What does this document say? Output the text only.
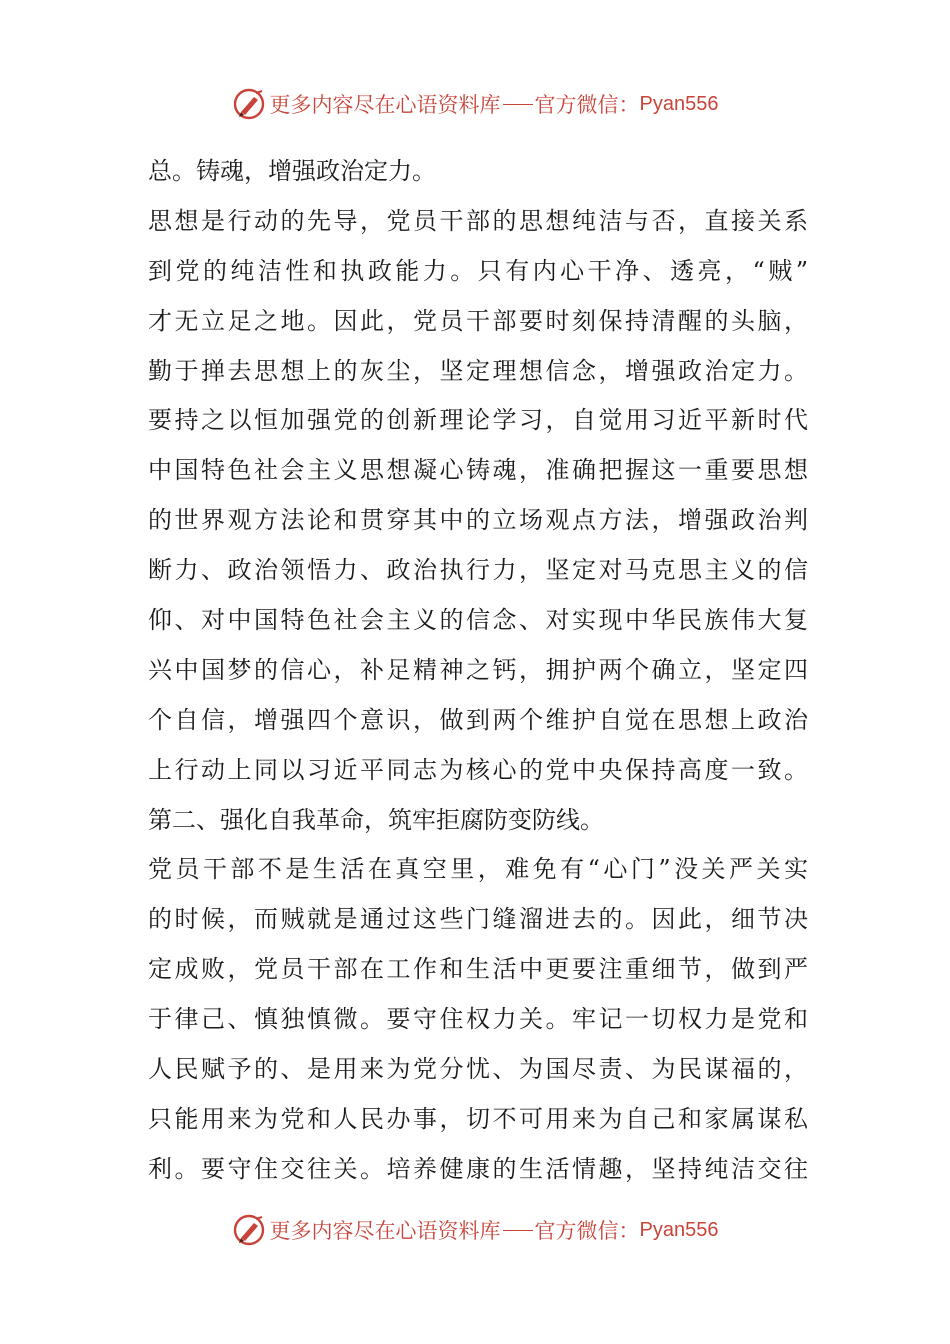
更多内容尽在心语资料库 官方微信： Pyan556
总。铸魂，增强政治定力。
思想是行动的先导，党员干部的思想纯洁与否，直接关系
到党的纯洁性和执政能力。只有内心干净、透亮，“贼”
才无立足之地。因此，党员干部要时刻保持清醒的头脑，
勤于掸去思想上的灰尘，坚定理想信念，增强政治定力。
要持之以恒加强党的创新理论学习，自觉用习近平新时代
中国特色社会主义思想凝心铸魂，准确把握这一重要思想
的世界观方法论和贯穿其中的立场观点方法，增强政治判
断力、政治领悟力、政治执行力，坚定对马克思主义的信
仰、对中国特色社会主义的信念、对实现中华民族伟大复
兴中国梦的信心，补足精神之钙，拥护两个确立，坚定四
个自信，增强四个意识，做到两个维护自觉在思想上政治
上行动上同以习近平同志为核心的党中央保持高度一致。
第二、强化自我革命，筑牢拒腐防变防线。
党员干部不是生活在真空里，难免有“心门”没关严关实
的时候，而贼就是通过这些门缝溜进去的。因此，细节决
定成败，党员干部在工作和生活中更要注重细节，做到严
于律己、慎独慎微。要守住权力关。牢记一切权力是党和
人民赋予的、是用来为党分忧、为国尽责、为民谋福的，
只能用来为党和人民办事，切不可用来为自己和家属谋私
利。要守住交往关。培养健康的生活情趣，坚持纯洁交往
更多内容尽在心语资料库 官方微信： Pyan556
